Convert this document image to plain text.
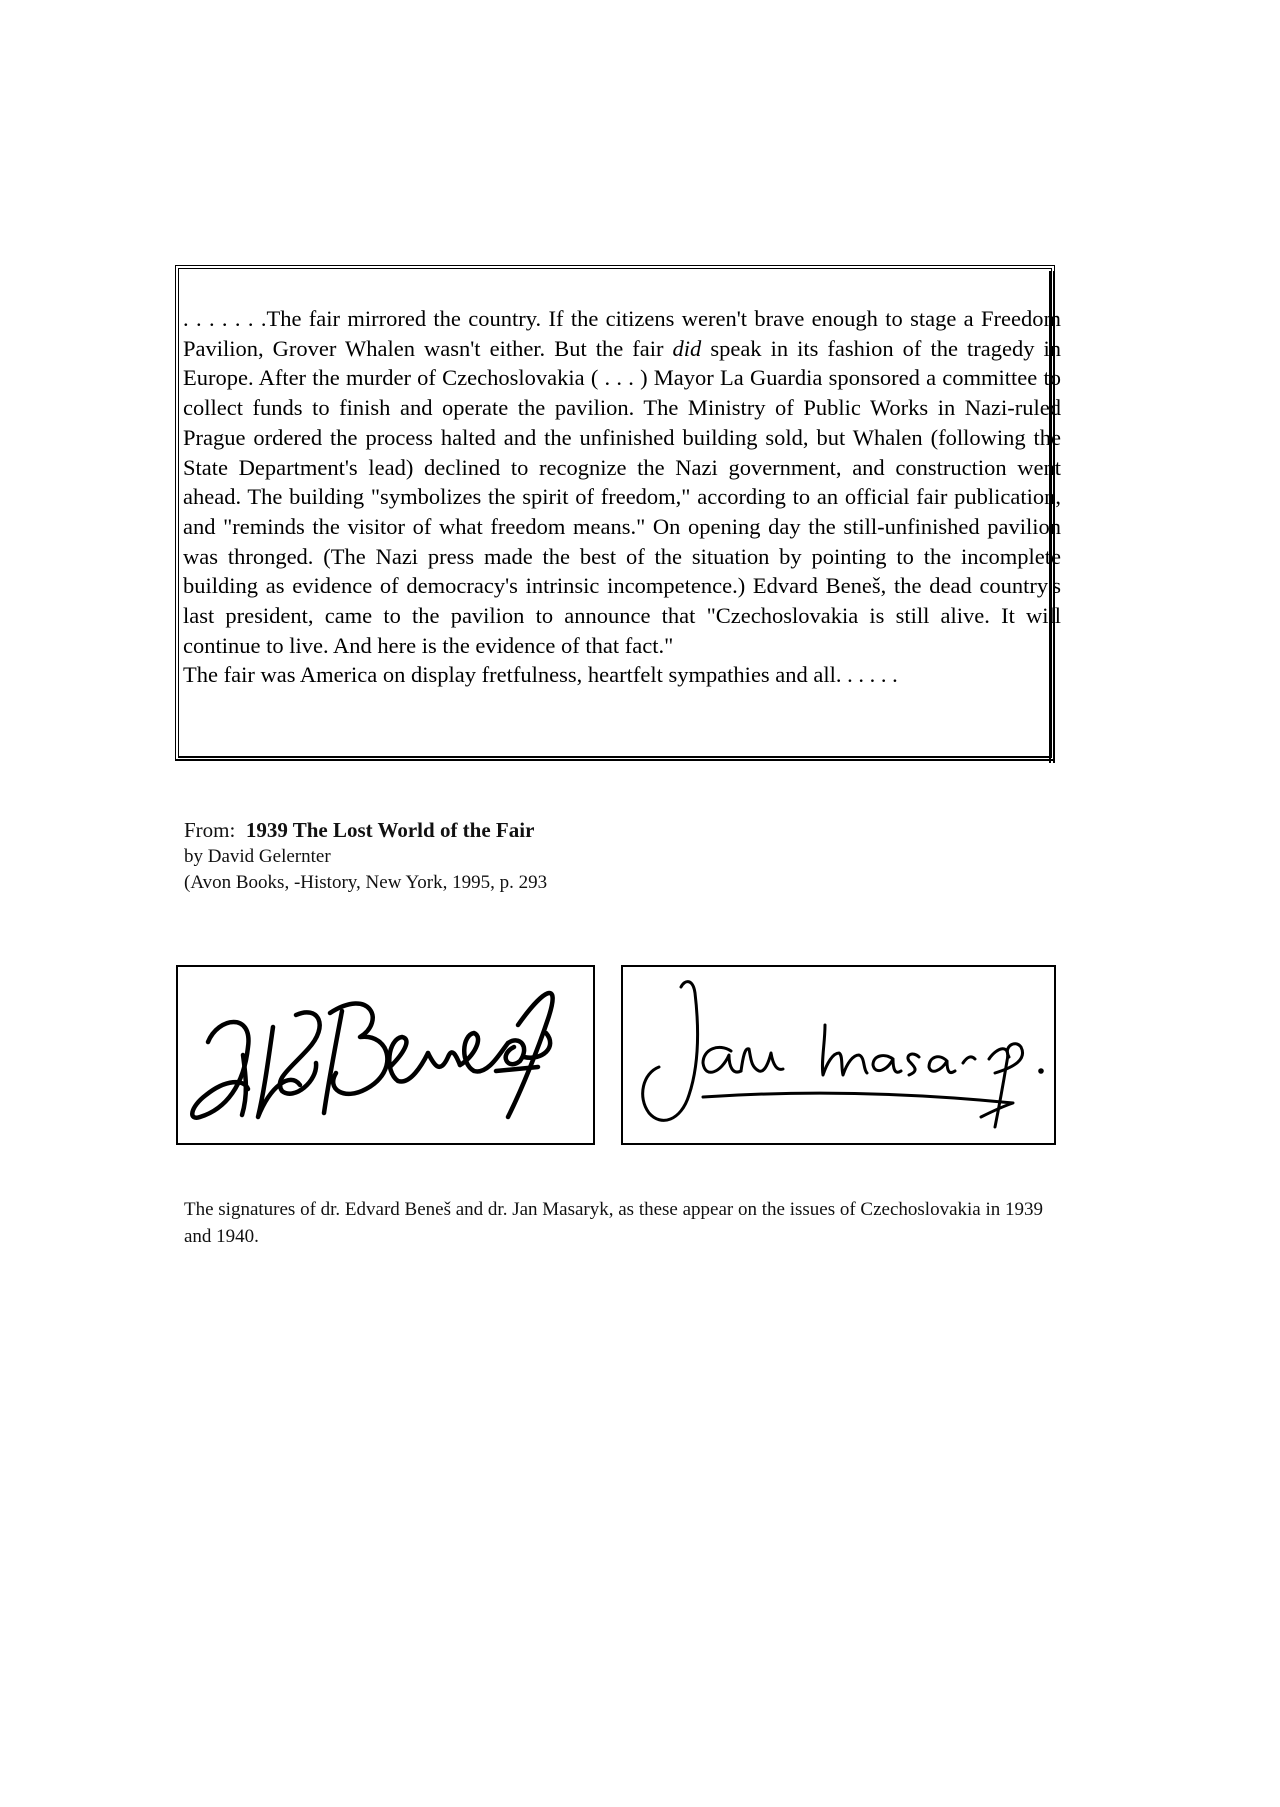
. . . . . . .The fair mirrored the country. If the citizens weren't brave enough to stage a Freedom Pavilion, Grover Whalen wasn't either. But the fair did speak in its fashion of the tragedy in Europe. After the murder of Czechoslovakia ( . . . ) Mayor La Guardia sponsored a committee to collect funds to finish and operate the pavilion. The Ministry of Public Works in Nazi-ruled Prague ordered the process halted and the unfinished building sold, but Whalen (following the State Department's lead) declined to recognize the Nazi government, and construction went ahead. The building "symbolizes the spirit of freedom," according to an official fair publication, and "reminds the visitor of what freedom means." On opening day the still-unfinished pavilion was thronged. (The Nazi press made the best of the situation by pointing to the incomplete building as evidence of democracy's intrinsic incompetence.) Edvard Beneš, the dead country's last president, came to the pavilion to announce that "Czechoslovakia is still alive. It will continue to live. And here is the evidence of that fact."

The fair was America on display fretfulness, heartfelt sympathies and all. . . . . .

From: 1939 The Lost World of the Fair
by David Gelernter
(Avon Books, -History, New York, 1995, p. 293
The signatures of dr. Edvard Beneš and dr. Jan Masaryk, as these appear on the issues of Czechoslovakia in 1939 and 1940.
